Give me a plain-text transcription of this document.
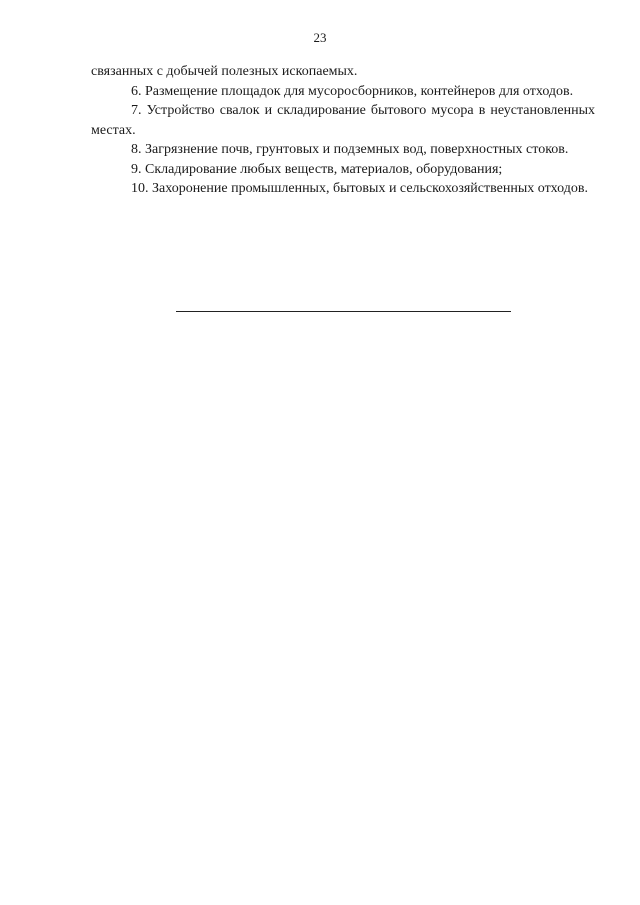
23

связанных с добычей полезных ископаемых.

6. Размещение площадок для мусоросборников, контейнеров для отходов.

7. Устройство свалок и складирование бытового мусора в неустановленных местах.

8. Загрязнение почв, грунтовых и подземных вод, поверхностных стоков.

9. Складирование любых веществ, материалов, оборудования;

10. Захоронение промышленных, бытовых и сельскохозяйственных отходов.
